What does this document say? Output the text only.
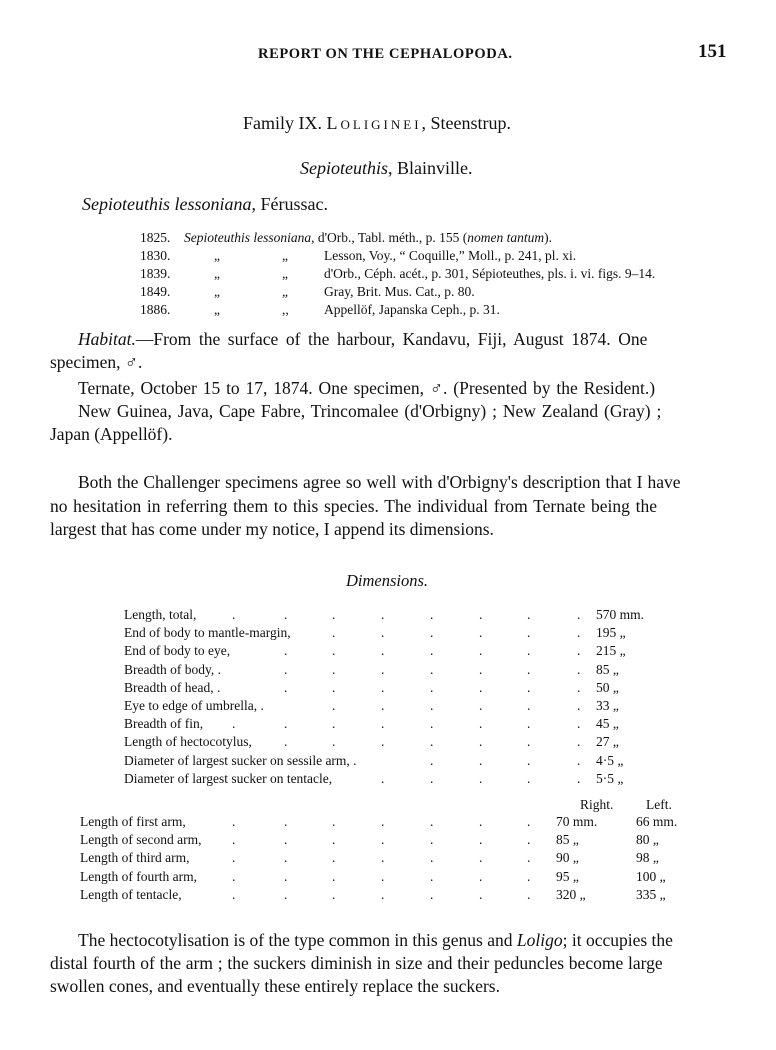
REPORT ON THE CEPHALOPODA.	151
Family IX. Loliginei, Steenstrup.
Sepioteuthis, Blainville.
Sepioteuthis lessoniana, Férussac.
1825. Sepioteuthis lessoniana, d'Orb., Tabl. méth., p. 155 (nomen tantum).
1830.	„	„	Lesson, Voy., “ Coquille,” Moll., p. 241, pl. xi.
1839.	„	„	d'Orb., Céph. acét., p. 301, Sépioteuthes, pls. i. vi. figs. 9–14.
1849.	„	„	Gray, Brit. Mus. Cat., p. 80.
1886.	„	,,	Appellöf, Japanska Ceph., p. 31.
Habitat.—From the surface of the harbour, Kandavu, Fiji, August 1874. One
specimen, ♂.
Ternate, October 15 to 17, 1874. One specimen, ♂. (Presented by the Resident.)
New Guinea, Java, Cape Fabre, Trincomalee (d'Orbigny) ; New Zealand (Gray) ;
Japan (Appellöf).
Both the Challenger specimens agree so well with d'Orbigny's description that I have
no hesitation in referring them to this species. The individual from Ternate being the
largest that has come under my notice, I append its dimensions.
Dimensions.
Length, total,	.	.	.	.	.	.	.	. 570 mm.
End of body to mantle-margin,	.	.	.	.	.	. 195 „
End of body to eye,	.	.	.	.	.	.	. 215 „
Breadth of body, .	.	.	.	.	.	.	. 85 „
Breadth of head, .	.	.	.	.	.	.	. 50 „
Eye to edge of umbrella, .	.	.	.	.	.	. 33 „
Breadth of fin, .	.	.	.	.	.	.	. 45 „
Length of hectocotylus, .	.	.	.	.	.	. 27 „
Diameter of largest sucker on sessile arm, .	.	.	.	. 4·5 „
Diameter of largest sucker on tentacle,	.	.	.	.	. 5·5 „
Right.	Left.
Length of first arm,	.	.	.	.	.	.	. 70 mm.	66 mm.
Length of second arm, .	.	.	.	.	.	. 85 „	80 „
Length of third arm,	.	.	.	.	.	.	. 90 „	98 „
Length of fourth arm,	.	.	.	.	.	.	. 95 „	100 „
Length of tentacle,	.	.	.	.	.	.	. 320 „	335 „
The hectocotylisation is of the type common in this genus and Loligo; it occupies the
distal fourth of the arm ; the suckers diminish in size and their peduncles become large
swollen cones, and eventually these entirely replace the suckers.
